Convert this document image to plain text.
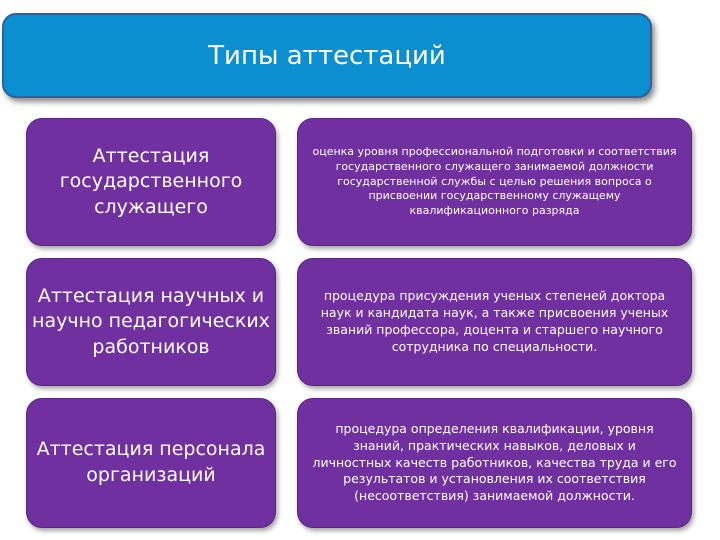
Типы аттестаций
Аттестация государственного служащего
оценка уровня профессиональной подготовки и соответствия государственного служащего занимаемой должности государственной службы с целью решения вопроса о присвоении государственному служащему квалификационного разряда
Аттестация научных и научно педагогических работников
процедура присуждения ученых степеней доктора наук и кандидата наук, а также присвоения ученых званий профессора, доцента и старшего научного сотрудника по специальности.
Аттестация персонала организаций
процедура определения квалификации, уровня знаний, практических навыков, деловых и личностных качеств работников, качества труда и его результатов и установления их соответствия (несоответствия) занимаемой должности.
